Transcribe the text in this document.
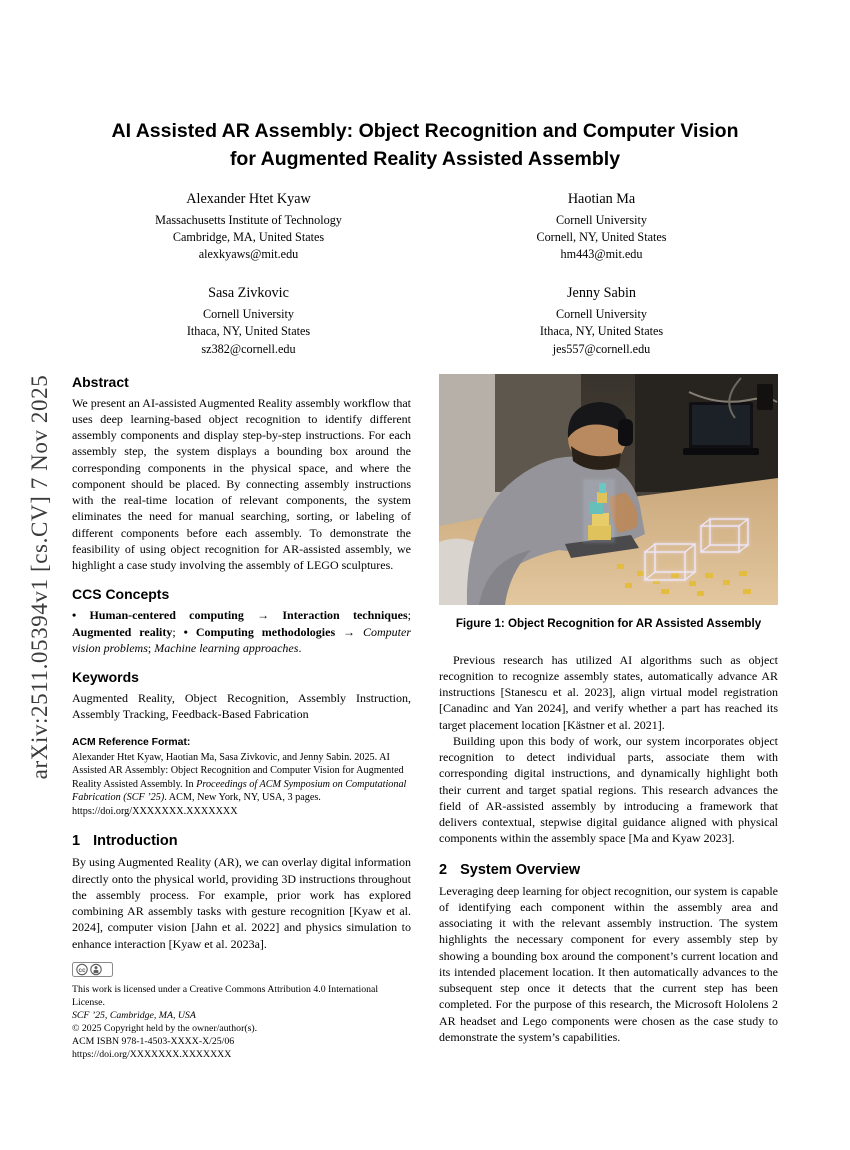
arXiv:2511.05394v1 [cs.CV] 7 Nov 2025
AI Assisted AR Assembly: Object Recognition and Computer Vision for Augmented Reality Assisted Assembly
Alexander Htet Kyaw
Massachusetts Institute of Technology
Cambridge, MA, United States
alexkyaws@mit.edu
Haotian Ma
Cornell University
Cornell, NY, United States
hm443@mit.edu
Sasa Zivkovic
Cornell University
Ithaca, NY, United States
sz382@cornell.edu
Jenny Sabin
Cornell University
Ithaca, NY, United States
jes557@cornell.edu
Abstract

We present an AI-assisted Augmented Reality assembly workflow that uses deep learning-based object recognition to identify different assembly components and display step-by-step instructions. For each assembly step, the system displays a bounding box around the corresponding components in the physical space, and where the component should be placed. By connecting assembly instructions with the real-time location of relevant components, the system eliminates the need for manual searching, sorting, or labeling of different components before each assembly. To demonstrate the feasibility of using object recognition for AR-assisted assembly, we highlight a case study involving the assembly of LEGO sculptures.

CCS Concepts

• Human-centered computing → Interaction techniques; Augmented reality; • Computing methodologies → Computer vision problems; Machine learning approaches.

Keywords

Augmented Reality, Object Recognition, Assembly Instruction, Assembly Tracking, Feedback-Based Fabrication

ACM Reference Format:

Alexander Htet Kyaw, Haotian Ma, Sasa Zivkovic, and Jenny Sabin. 2025. AI Assisted AR Assembly: Object Recognition and Computer Vision for Augmented Reality Assisted Assembly. In Proceedings of ACM Symposium on Computational Fabrication (SCF ’25). ACM, New York, NY, USA, 3 pages.
https://doi.org/XXXXXXX.XXXXXXX

1 Introduction

By using Augmented Reality (AR), we can overlay digital information directly onto the physical world, providing 3D instructions throughout the assembly process. For example, prior work has explored combining AR assembly tasks with gesture recognition [Kyaw et al. 2024], computer vision [Jahn et al. 2022] and physics simulation to enhance interaction [Kyaw et al. 2023a].

cc

This work is licensed under a Creative Commons Attribution 4.0 International License.

SCF ’25, Cambridge, MA, USA

© 2025 Copyright held by the owner/author(s).

ACM ISBN 978-1-4503-XXXX-X/25/06

https://doi.org/XXXXXXX.XXXXXXX

Figure 1: Object Recognition for AR Assisted Assembly

Previous research has utilized AI algorithms such as object recognition to recognize assembly states, automatically advance AR instructions [Stanescu et al. 2023], align virtual model registration [Canadinc and Yan 2024], and verify whether a part has reached its target placement location [Kästner et al. 2021].

Building upon this body of work, our system incorporates object recognition to detect individual parts, associate them with corresponding digital instructions, and dynamically highlight both their current and target spatial regions. This research advances the field of AR-assisted assembly by introducing a framework that delivers contextual, stepwise digital guidance aligned with physical components within the assembly space [Ma and Kyaw 2023].

2 System Overview

Leveraging deep learning for object recognition, our system is capable of identifying each component within the assembly area and associating it with the relevant assembly instruction. The system highlights the necessary component for every assembly step by showing a bounding box around the component’s current location and its intended placement location. It then automatically advances to the subsequent step once it detects that the current step has been completed. For the purpose of this research, the Microsoft Hololens 2 AR headset and Lego components were chosen as the case study to demonstrate the system’s capabilities.
